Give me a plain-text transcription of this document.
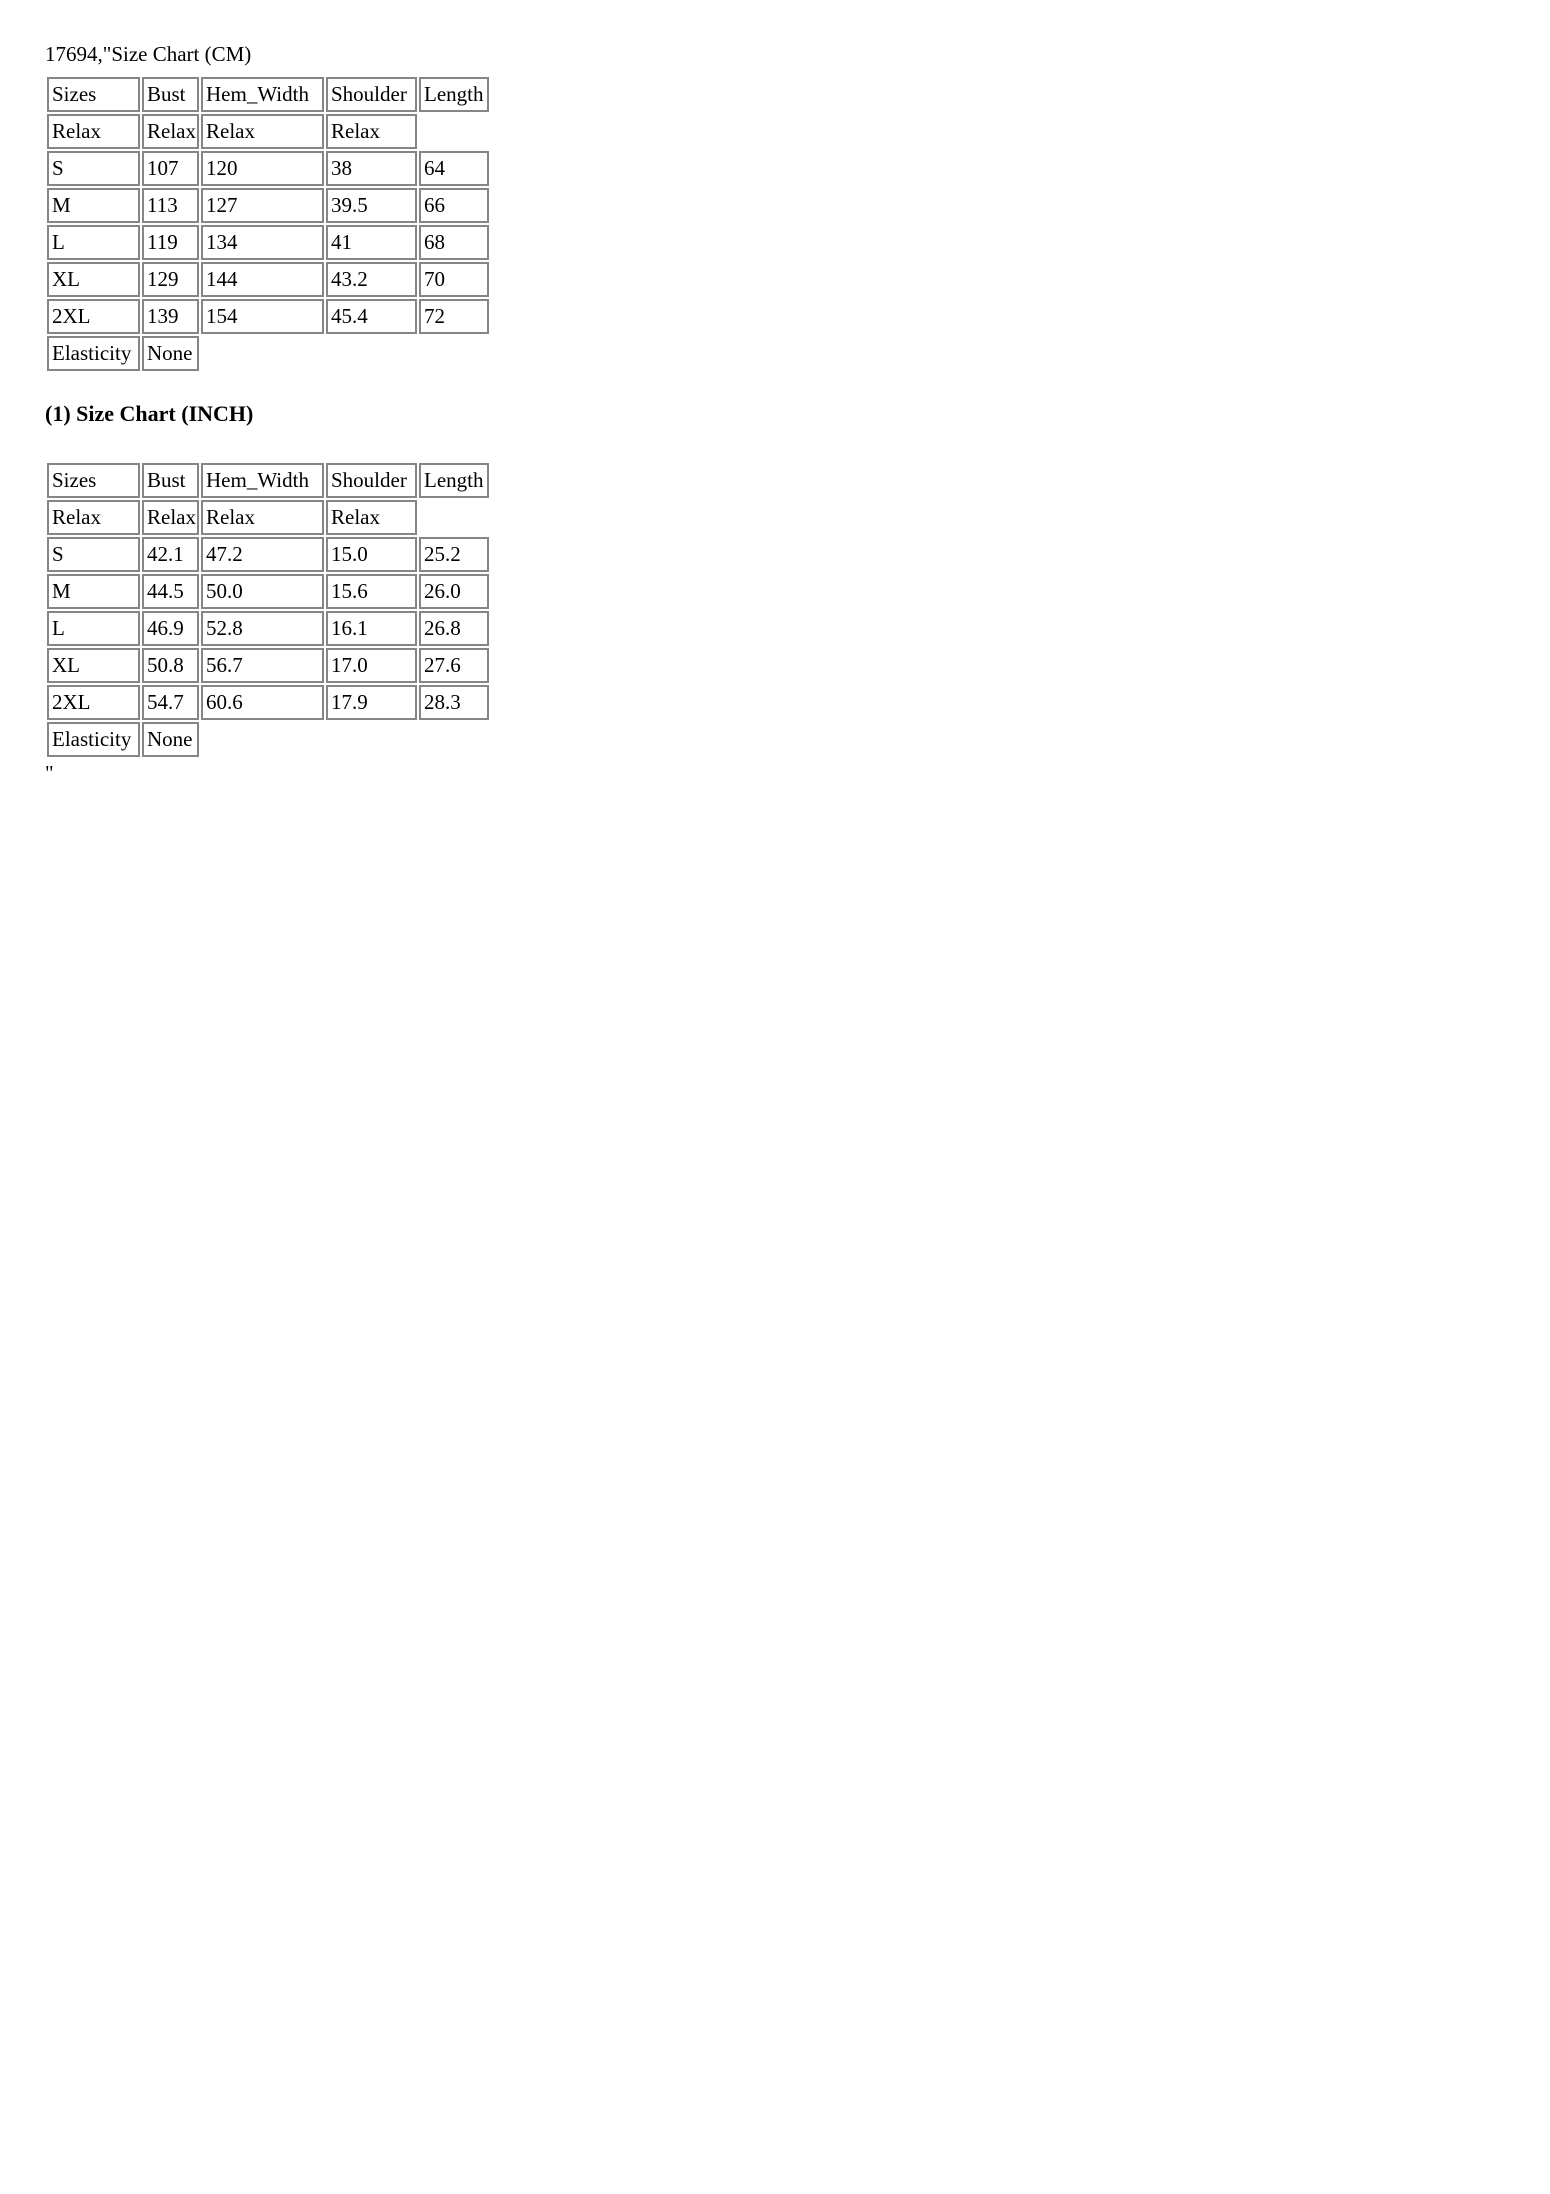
17694,"Size Chart (CM)
Sizes	Bust	Hem_Width	Shoulder	Length
Relax	Relax	Relax	Relax	
S	107	120	38	64
M	113	127	39.5	66
L	119	134	41	68
XL	129	144	43.2	70
2XL	139	154	45.4	72
Elasticity	None			
(1) Size Chart (INCH)
Sizes	Bust	Hem_Width	Shoulder	Length
Relax	Relax	Relax	Relax	
S	42.1	47.2	15.0	25.2
M	44.5	50.0	15.6	26.0
L	46.9	52.8	16.1	26.8
XL	50.8	56.7	17.0	27.6
2XL	54.7	60.6	17.9	28.3
Elasticity	None			
"
